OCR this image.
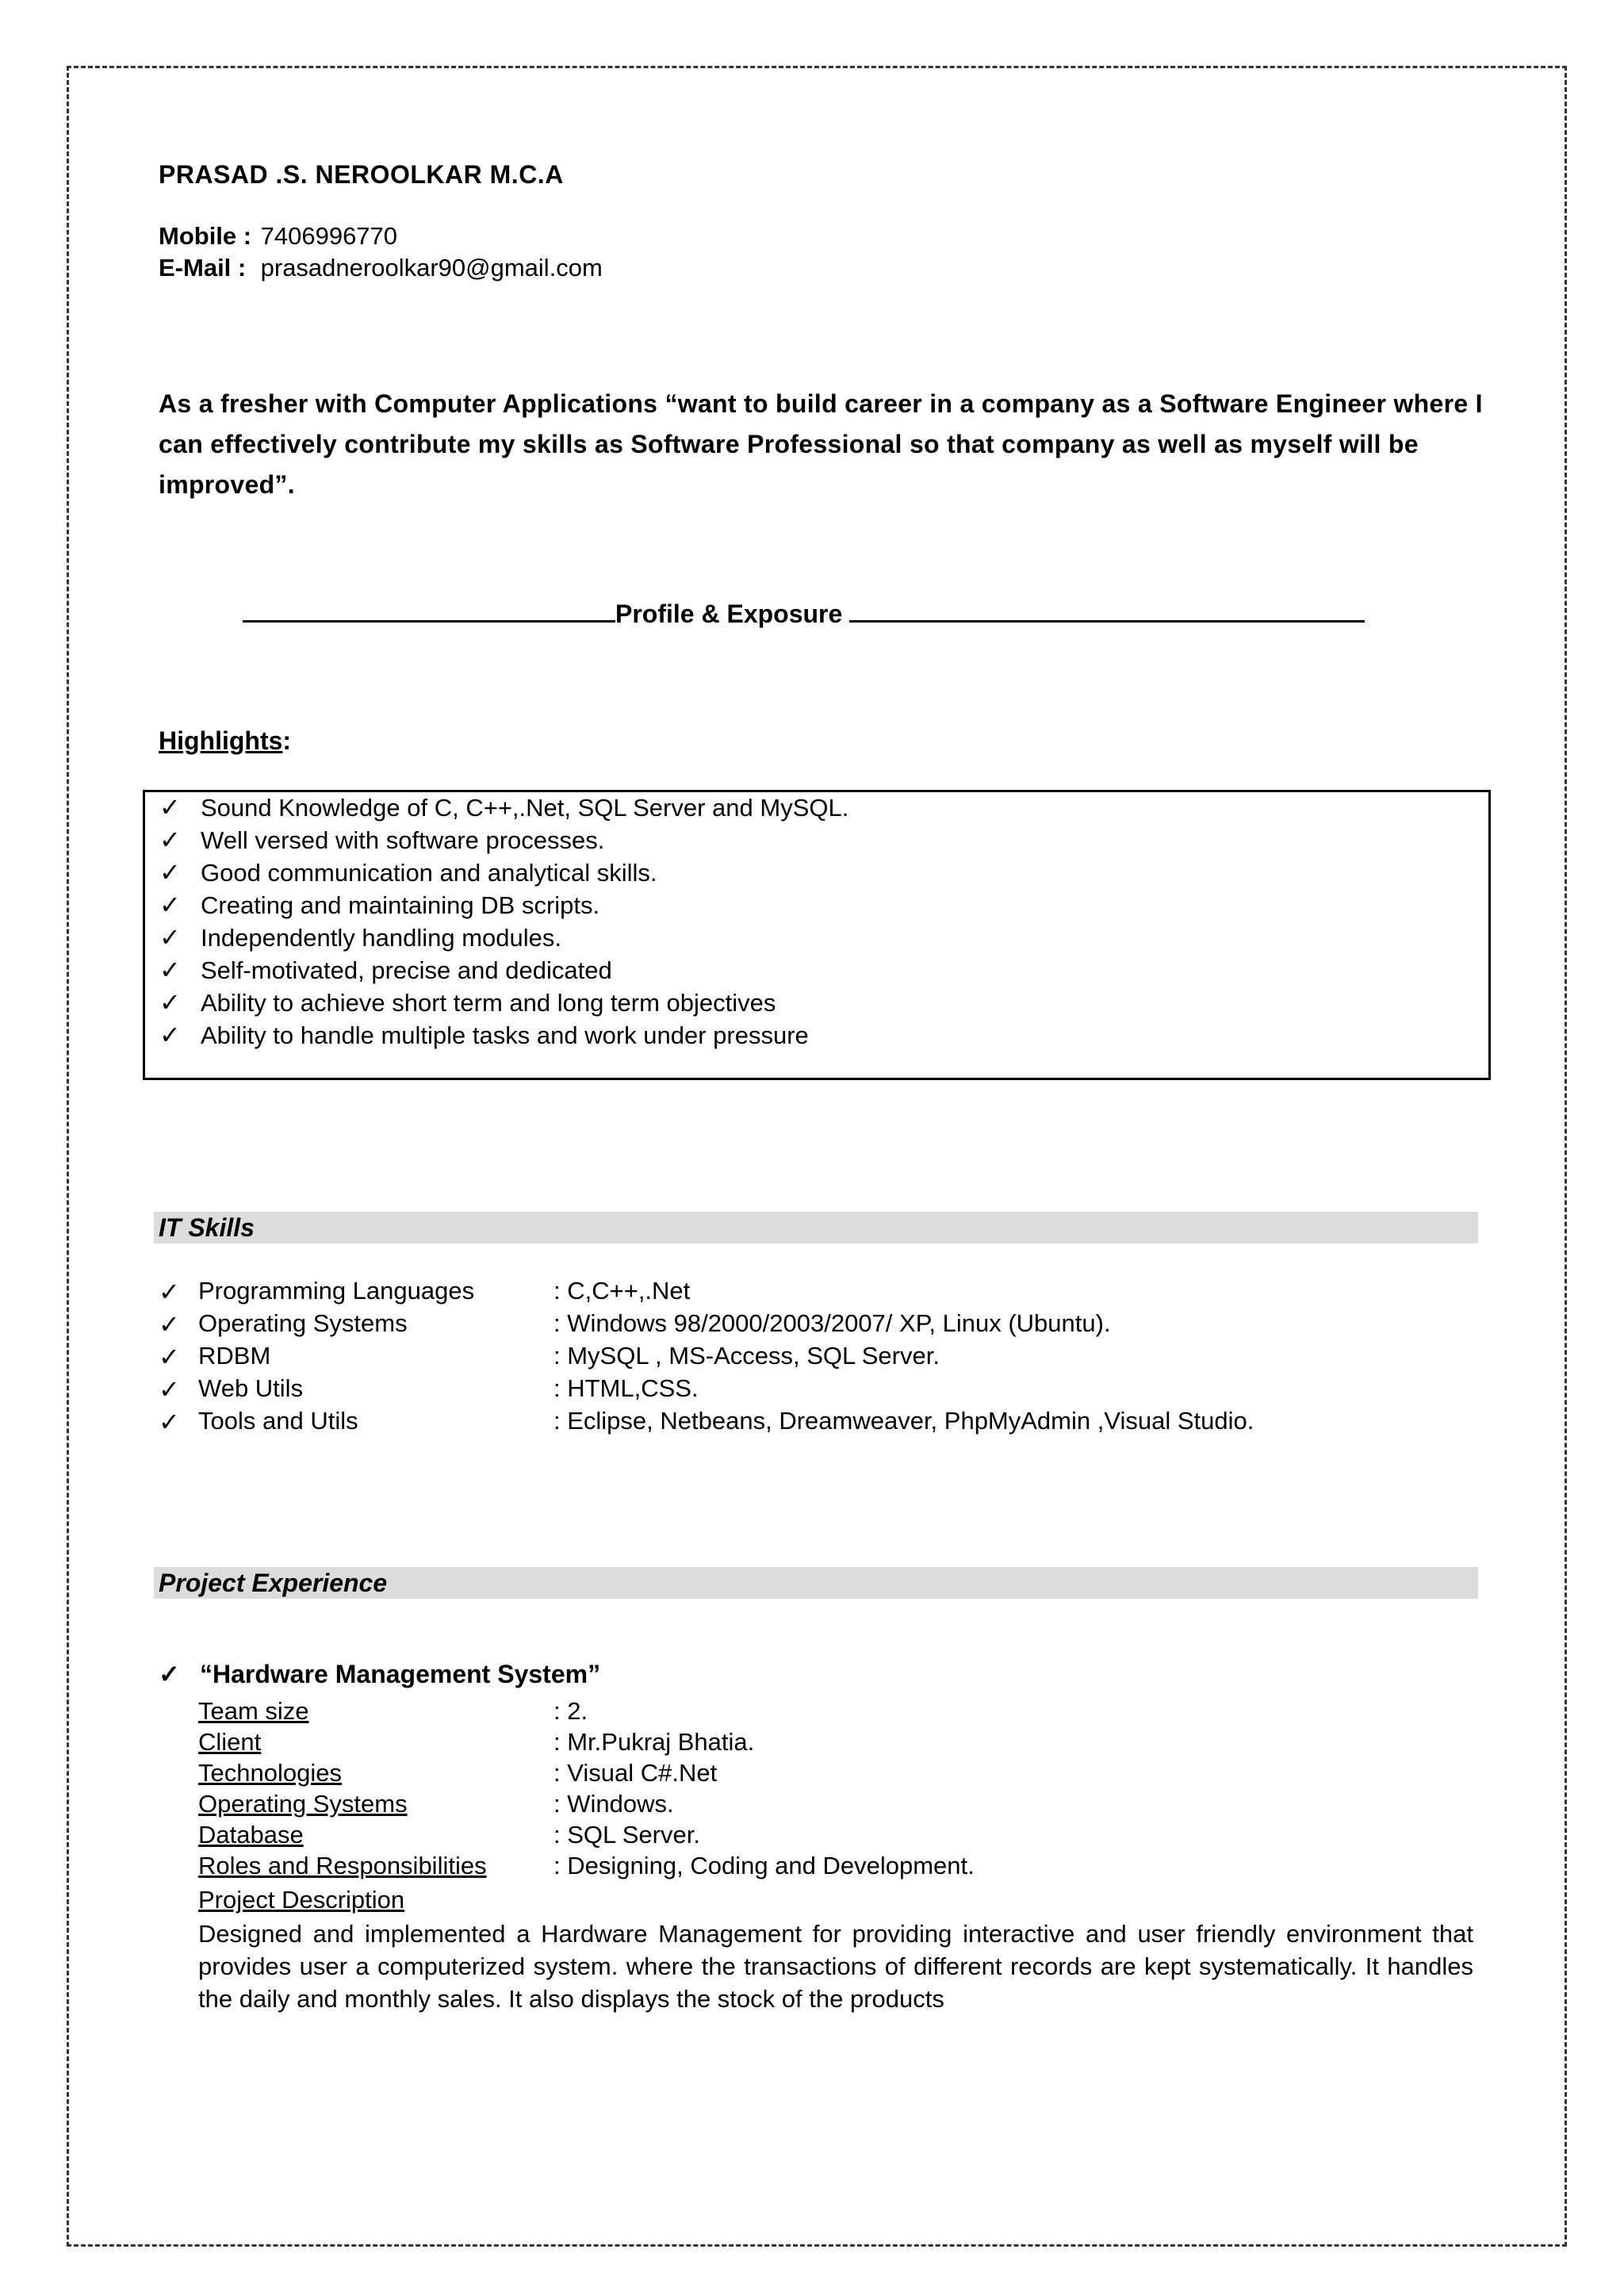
PRASAD .S. NEROOLKAR M.C.A
Mobile : 7406996770
E-Mail : prasadneroolkar90@gmail.com
As a fresher with Computer Applications “want to build career in a company as a Software Engineer where I can effectively contribute my skills as Software Professional so that company as well as myself will be improved”.
Profile & Exposure
Highlights:
✓ Sound Knowledge of C, C++,.Net, SQL Server and MySQL.
✓ Well versed with software processes.
✓ Good communication and analytical skills.
✓ Creating and maintaining DB scripts.
✓ Independently handling modules.
✓ Self-motivated, precise and dedicated
✓ Ability to achieve short term and long term objectives
✓ Ability to handle multiple tasks and work under pressure
IT Skills
✓ Programming Languages	: C,C++,.Net
✓ Operating Systems	: Windows 98/2000/2003/2007/ XP, Linux (Ubuntu).
✓ RDBM	: MySQL , MS-Access, SQL Server.
✓ Web Utils	: HTML,CSS.
✓ Tools and Utils	: Eclipse, Netbeans, Dreamweaver, PhpMyAdmin ,Visual Studio.
Project Experience
✓ “Hardware Management System”
Team size	: 2.
Client	: Mr.Pukraj Bhatia.
Technologies	: Visual C#.Net
Operating Systems	: Windows.
Database	: SQL Server.
Roles and Responsibilities	: Designing, Coding and Development.
Project Description
Designed and implemented a Hardware Management for providing interactive and user friendly environment that provides user a computerized system. where the transactions of different records are kept systematically. It handles the daily and monthly sales. It also displays the stock of the products
